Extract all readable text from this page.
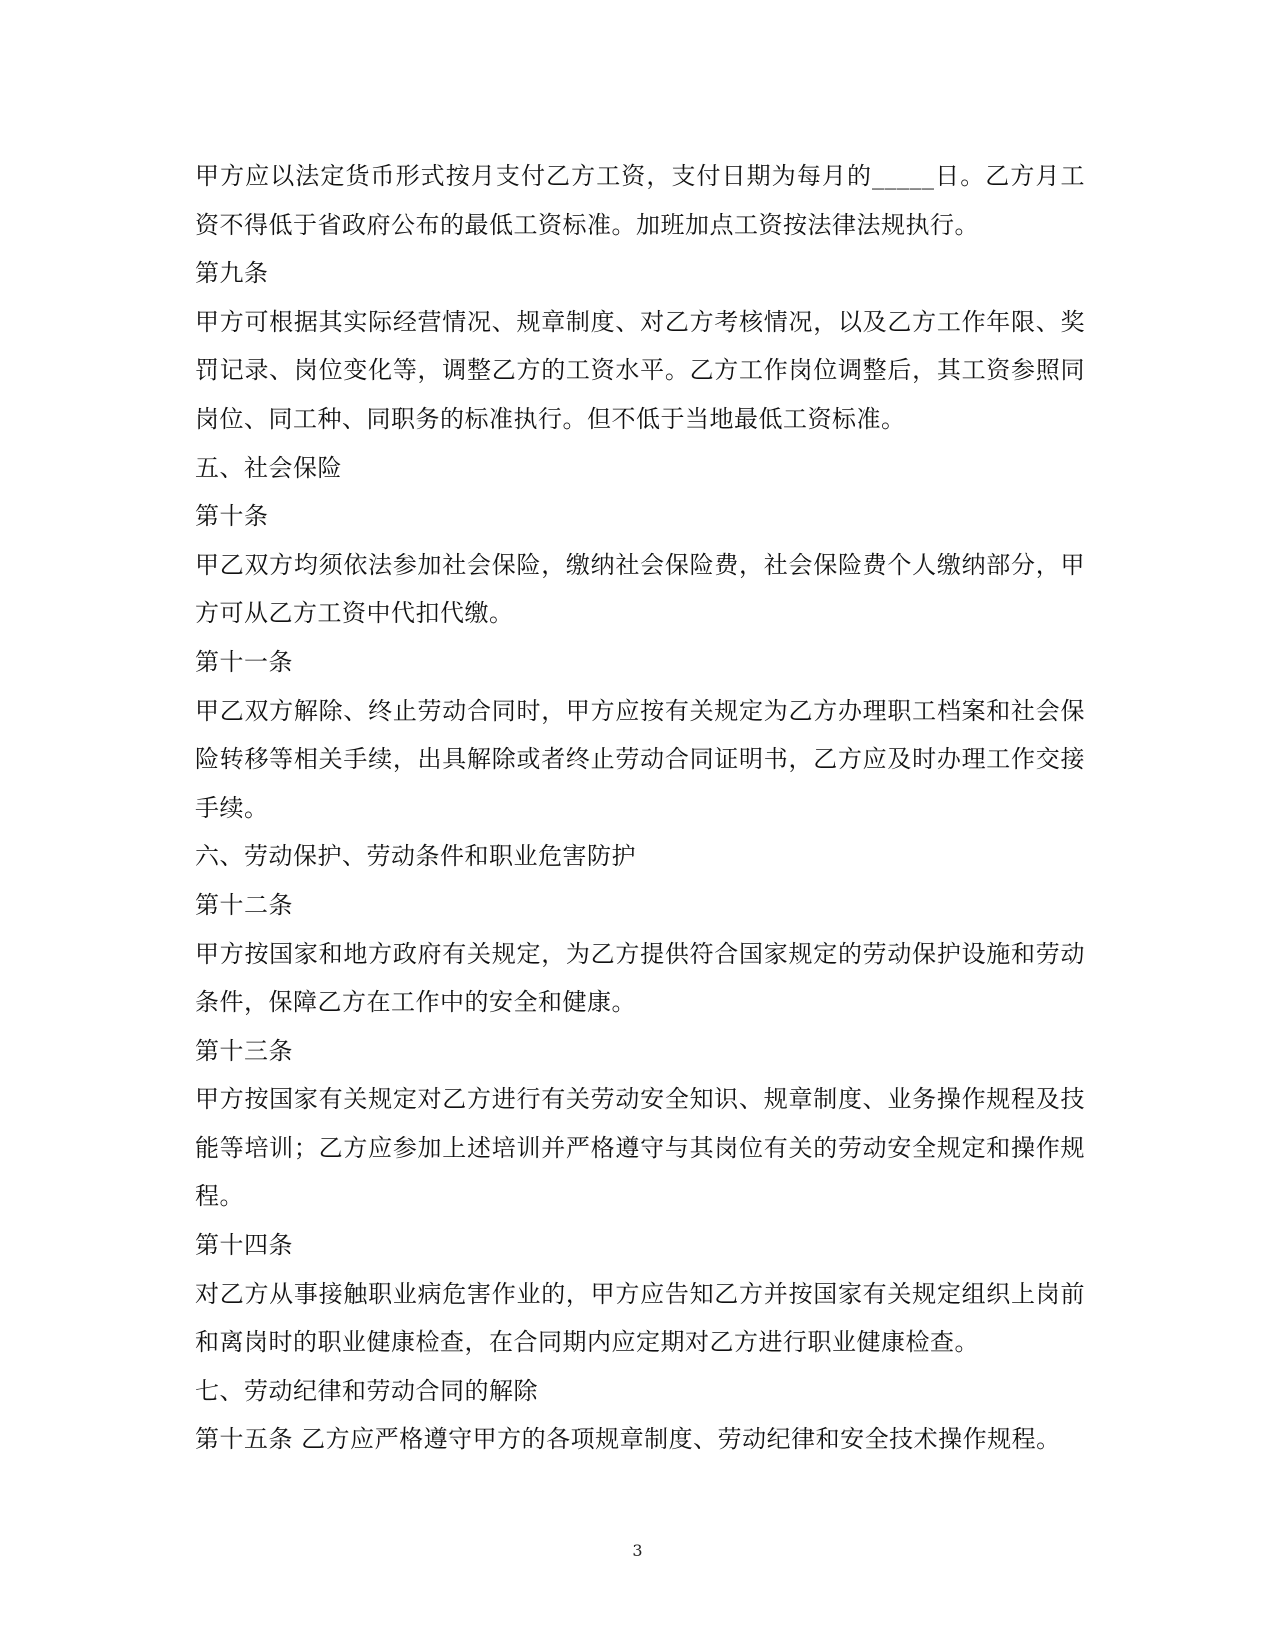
甲方应以法定货币形式按月支付乙方工资，支付日期为每月的_____日。乙方月工资不得低于省政府公布的最低工资标准。加班加点工资按法律法规执行。

第九条

甲方可根据其实际经营情况、规章制度、对乙方考核情况，以及乙方工作年限、奖罚记录、岗位变化等，调整乙方的工资水平。乙方工作岗位调整后，其工资参照同岗位、同工种、同职务的标准执行。但不低于当地最低工资标准。

五、社会保险

第十条

甲乙双方均须依法参加社会保险，缴纳社会保险费，社会保险费个人缴纳部分，甲方可从乙方工资中代扣代缴。

第十一条

甲乙双方解除、终止劳动合同时，甲方应按有关规定为乙方办理职工档案和社会保险转移等相关手续，出具解除或者终止劳动合同证明书，乙方应及时办理工作交接手续。

六、劳动保护、劳动条件和职业危害防护

第十二条

甲方按国家和地方政府有关规定，为乙方提供符合国家规定的劳动保护设施和劳动条件，保障乙方在工作中的安全和健康。

第十三条

甲方按国家有关规定对乙方进行有关劳动安全知识、规章制度、业务操作规程及技能等培训；乙方应参加上述培训并严格遵守与其岗位有关的劳动安全规定和操作规程。

第十四条

对乙方从事接触职业病危害作业的，甲方应告知乙方并按国家有关规定组织上岗前和离岗时的职业健康检查，在合同期内应定期对乙方进行职业健康检查。

七、劳动纪律和劳动合同的解除

第十五条 乙方应严格遵守甲方的各项规章制度、劳动纪律和安全技术操作规程。

3
